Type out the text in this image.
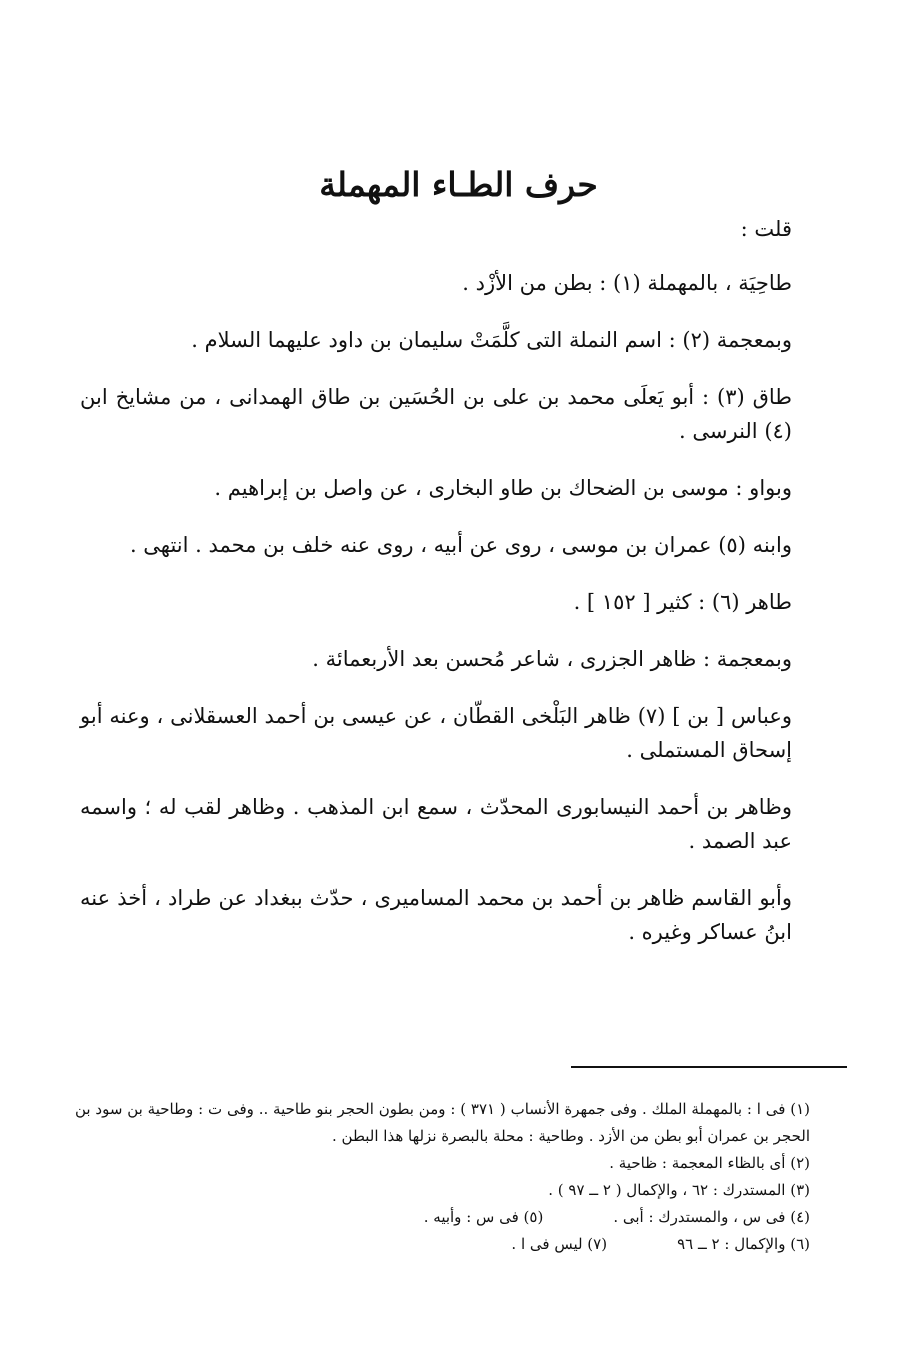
حرف الطـاء المهملة

قلت :

طاحِيَة ، بالمهملة (١) : بطن من الأزْد .

وبمعجمة (٢) : اسم النملة التى كلَّمَتْ سليمان بن داود عليهما السلام .

طاق (٣) : أبو يَعلَى محمد بن على بن الحُسَين بن طاق الهمدانى ، من مشايخ ابن (٤) النرسى .

وبواو : موسى بن الضحاك بن طاو البخارى ، عن واصل بن إبراهيم .

وابنه (٥) عمران بن موسى ، روى عن أبيه ، روى عنه خلف بن محمد . انتهى .

طاهر (٦) : كثير [ ١٥٢ ] .

وبمعجمة : ظاهر الجزرى ، شاعر مُحسن بعد الأربعمائة .

وعباس [ بن ] (٧) ظاهر البَلْخى القطّان ، عن عيسى بن أحمد العسقلانى ، وعنه أبو إسحاق المستملى .

وظاهر بن أحمد النيسابورى المحدّث ، سمع ابن المذهب . وظاهر لقب له ؛ واسمه عبد الصمد .

وأبو القاسم ظاهر بن أحمد بن محمد المساميرى ، حدّث ببغداد عن طراد ، أخذ عنه ابنُ عساكر وغيره .

(١) فى ا : بالمهملة الملك . وفى جمهرة الأنساب ( ٣٧١ ) : ومن بطون الحجر بنو طاحية .. وفى ت : وطاحية بن سود بن الحجر بن عمران أبو بطن من الأزد . وطاحية : محلة بالبصرة نزلها هذا البطن .

(٢) أى بالظاء المعجمة : ظاحية .

(٣) المستدرك : ٦٢ ، والإكمال ( ٢ ــ ٩٧ ) .

(٤) فى س ، والمستدرك : أبى .

(٥) فى س : وأبيه .

(٦) والإكمال : ٢ ــ ٩٦

(٧) ليس فى ا .
